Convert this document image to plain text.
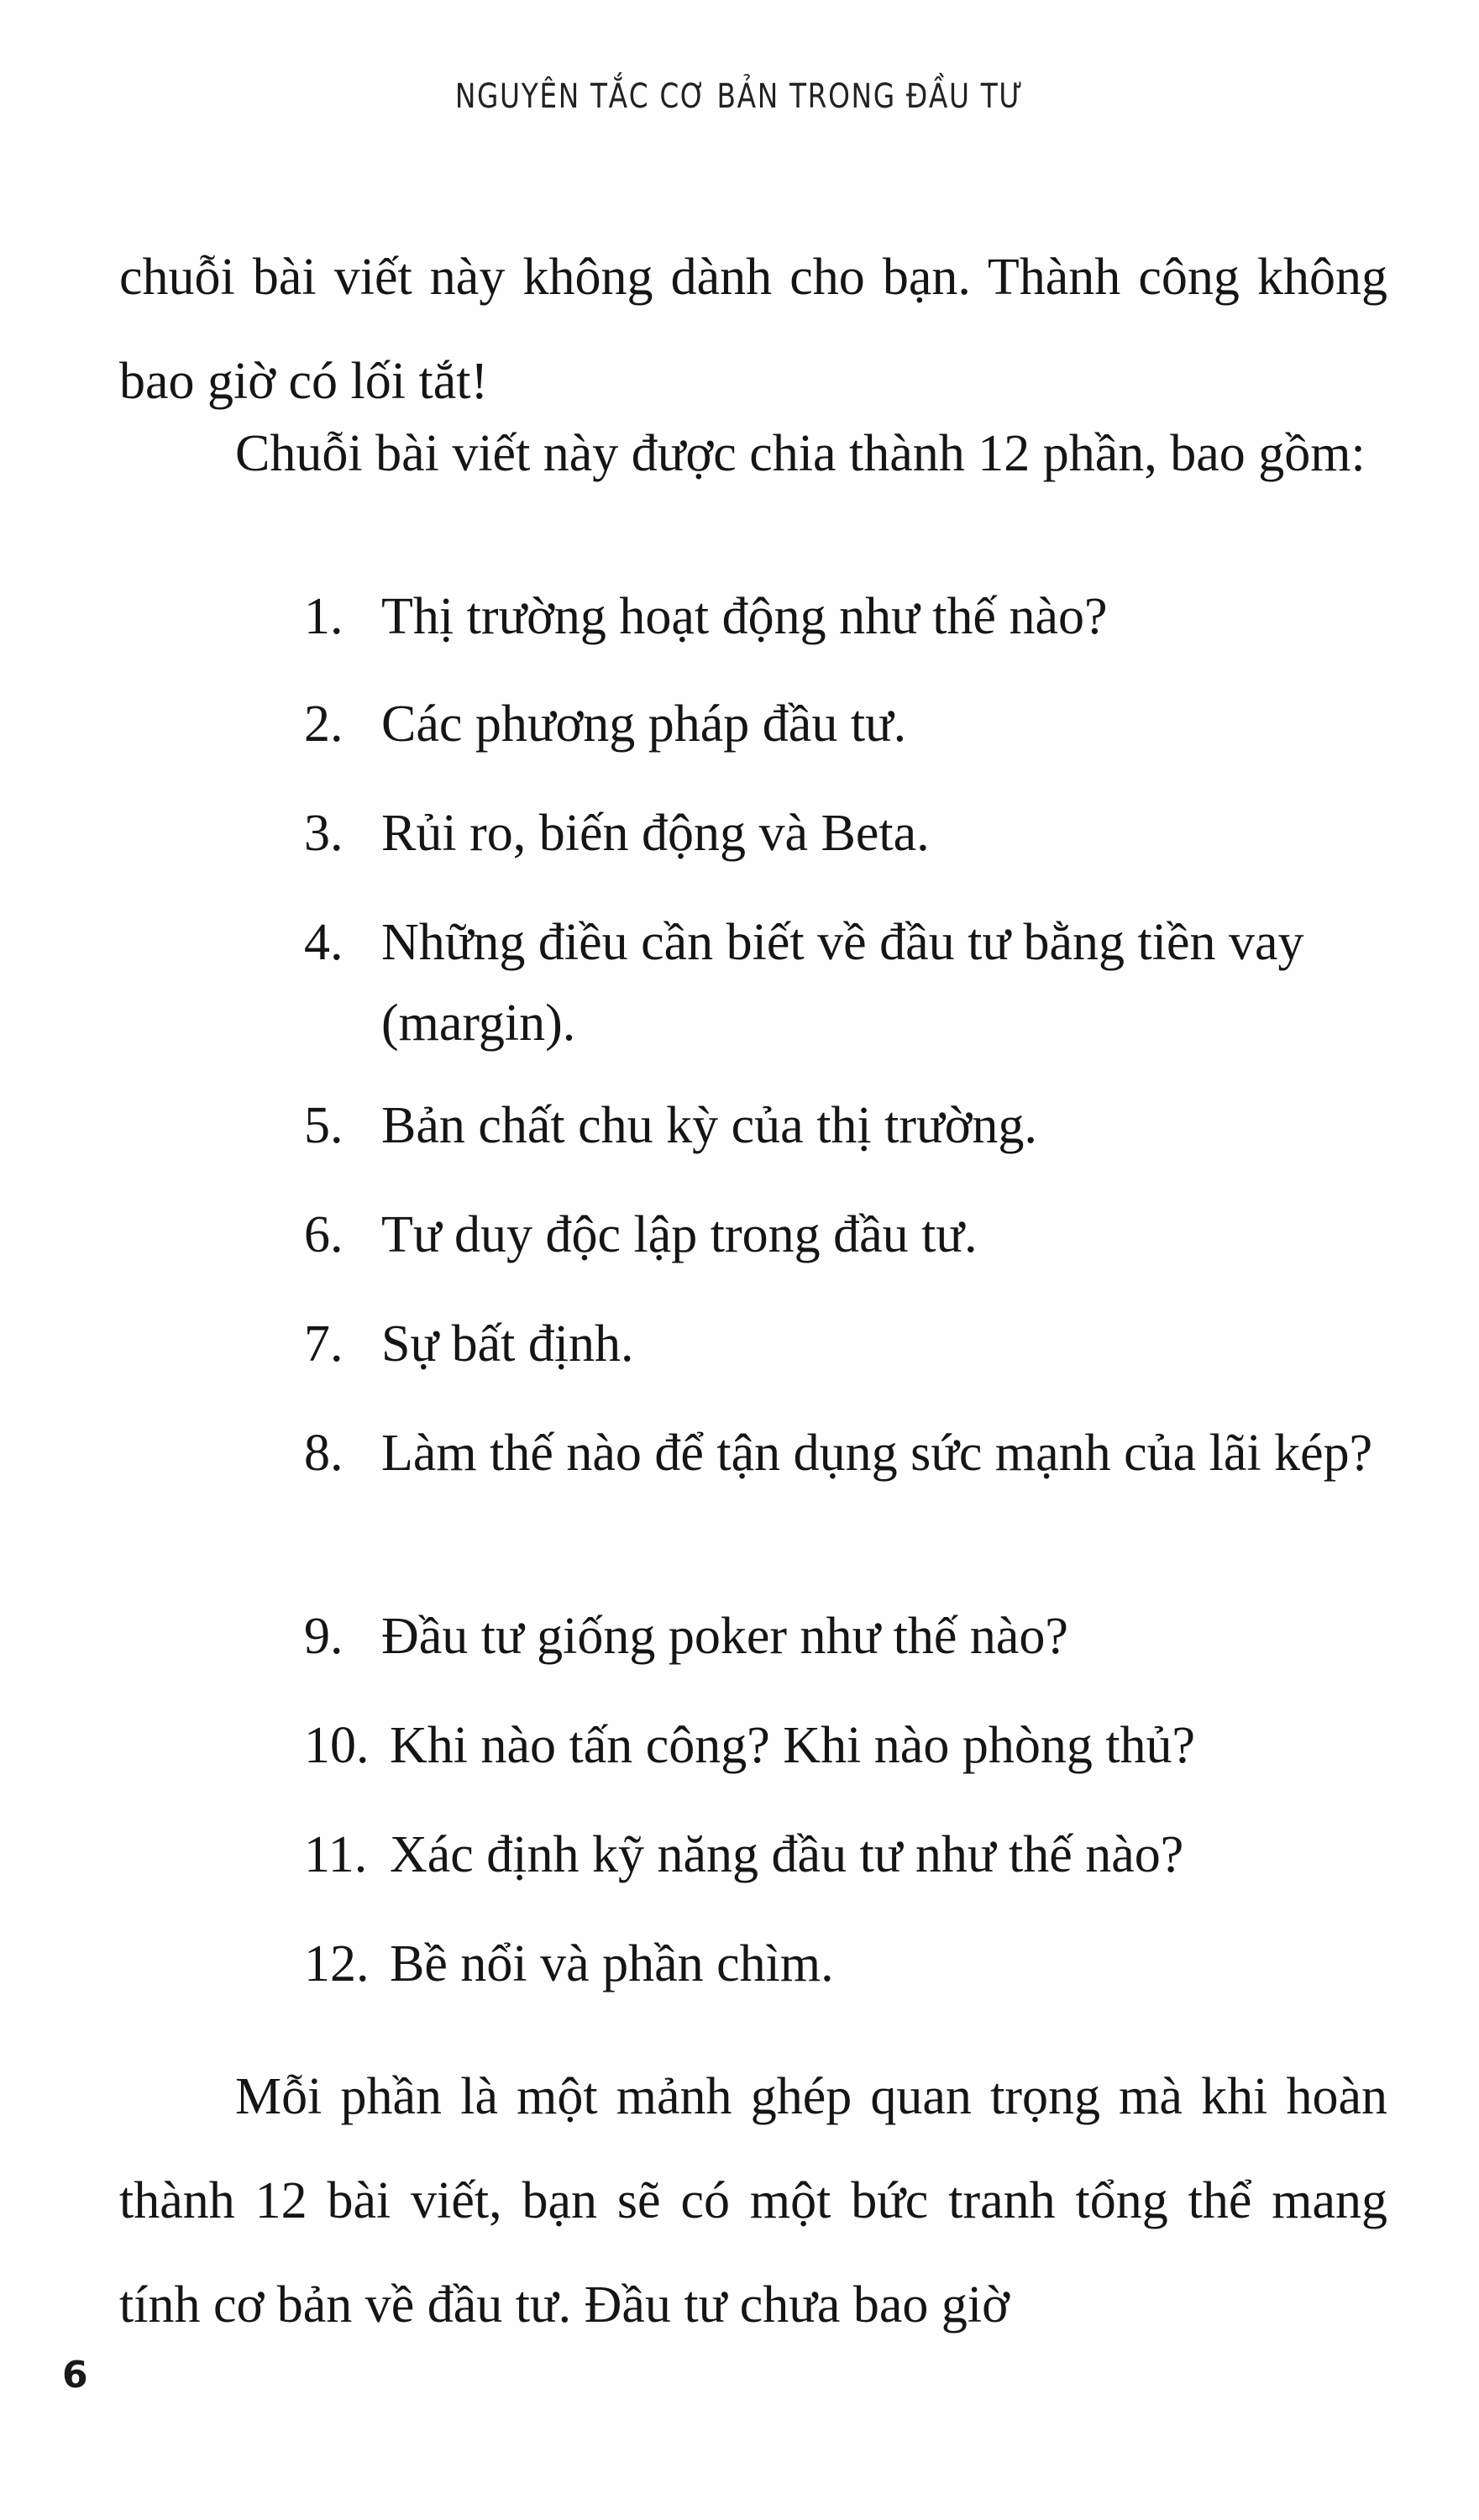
NGUYÊN TẮC CƠ BẢN TRONG ĐẦU TƯ

chuỗi bài viết này không dành cho bạn. Thành công không bao giờ có lối tắt!

Chuỗi bài viết này được chia thành 12 phần, bao gồm:

1. Thị trường hoạt động như thế nào?
2. Các phương pháp đầu tư.
3. Rủi ro, biến động và Beta.
4. Những điều cần biết về đầu tư bằng tiền vay (margin).
5. Bản chất chu kỳ của thị trường.
6. Tư duy độc lập trong đầu tư.
7. Sự bất định.
8. Làm thế nào để tận dụng sức mạnh của lãi kép?
9. Đầu tư giống poker như thế nào?
10. Khi nào tấn công? Khi nào phòng thủ?
11. Xác định kỹ năng đầu tư như thế nào?
12. Bề nổi và phần chìm.

Mỗi phần là một mảnh ghép quan trọng mà khi hoàn thành 12 bài viết, bạn sẽ có một bức tranh tổng thể mang tính cơ bản về đầu tư. Đầu tư chưa bao giờ

6
